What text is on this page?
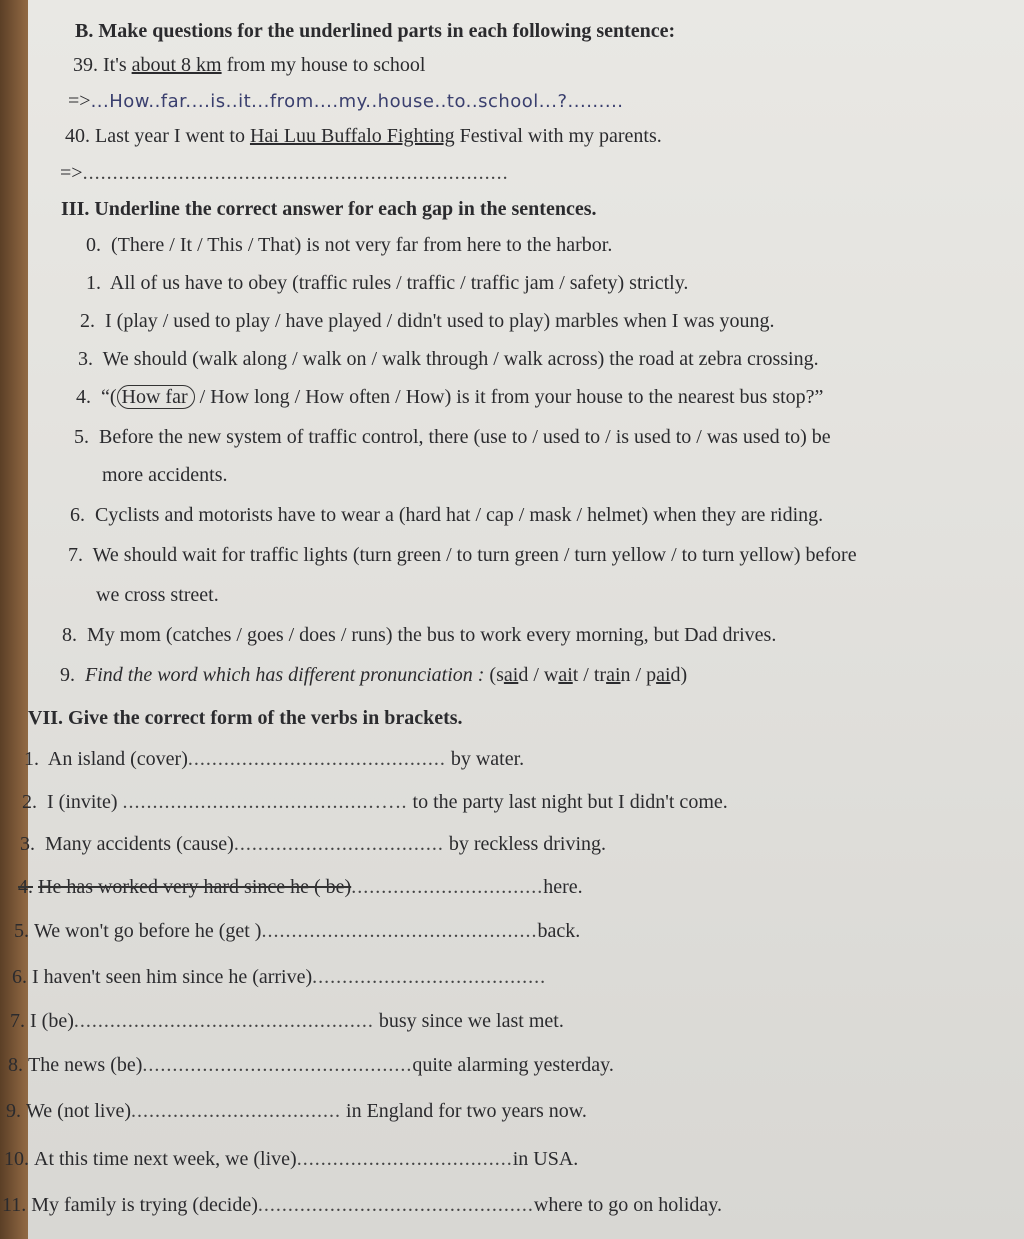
B. Make questions for the underlined parts in each following sentence:
39. It's about 8 km from my house to school
=>...How..far....is..it...from....my..house..to..school...?.........
40. Last year I went to Hai Luu Buffalo Fighting Festival with my parents.
=>.......................................................................
III. Underline the correct answer for each gap in the sentences.
0. (There / It / This / That) is not very far from here to the harbor.
1. All of us have to obey (traffic rules / traffic / traffic jam / safety) strictly.
2. I (play / used to play / have played / didn't used to play) marbles when I was young.
3. We should (walk along / walk on / walk through / walk across) the road at zebra crossing.
4. “( How far / How long / How often / How) is it from your house to the nearest bus stop?”
5. Before the new system of traffic control, there (use to / used to / is used to / was used to) be
more accidents.
6. Cyclists and motorists have to wear a (hard hat / cap / mask / helmet) when they are riding.
7. We should wait for traffic lights (turn green / to turn green / turn yellow / to turn yellow) before
we cross street.
8. My mom (catches / goes / does / runs) the bus to work every morning, but Dad drives.
9. Find the word which has different pronunciation : (said / wait / train / paid)
VII. Give the correct form of the verbs in brackets.
1. An island (cover)........................................... by water.
2. I (invite) ..........................................….. to the party last night but I didn't come.
3. Many accidents (cause)................................... by reckless driving.
4. He has worked very hard since he ( be)................................here.
5. We won't go before he (get )..............................................back.
6. I haven't seen him since he (arrive).......................................
7. I (be).................................................. busy since we last met.
8. The news (be).............................................quite alarming yesterday.
9. We (not live)................................... in England for two years now.
10. At this time next week, we (live)....................................in USA.
11. My family is trying (decide)..............................................where to go on holiday.
